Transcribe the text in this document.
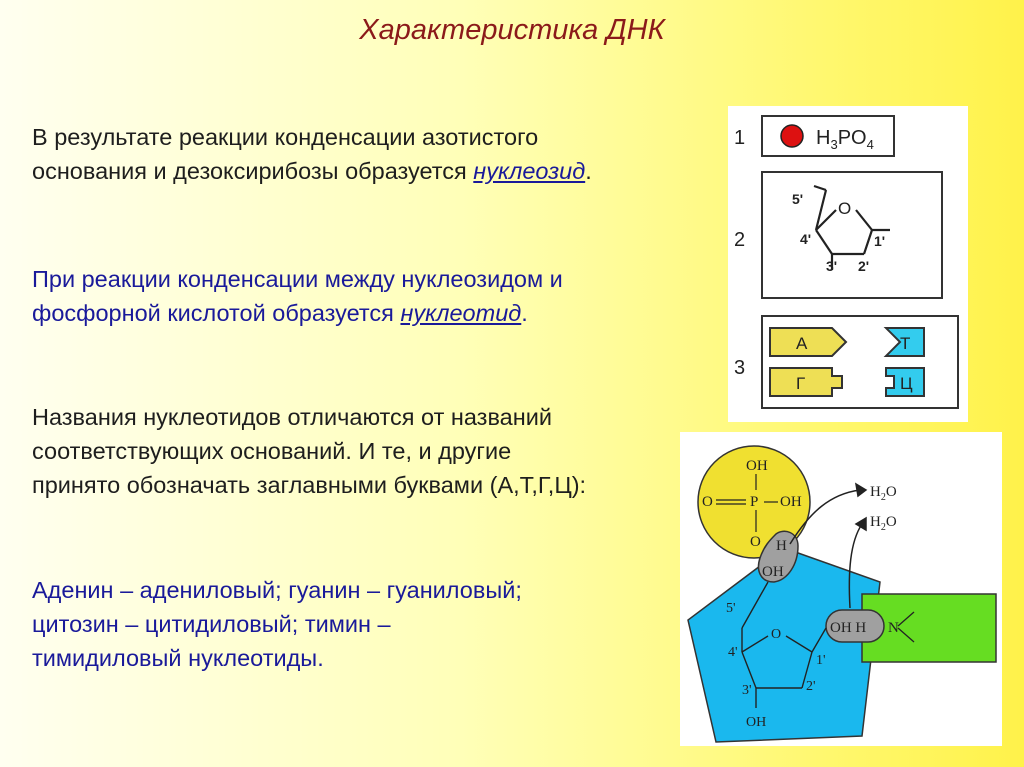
Характеристика ДНК

В результате реакции конденсации азотистого основания и дезоксирибозы образуется нуклеозид.

При реакции конденсации между нуклеозидом и фосфорной кислотой образуется нуклеотид.

Названия нуклеотидов отличаются от названий соответствующих оснований. И те, и другие принято обозначать заглавными буквами (А,Т,Г,Ц):

Аденин – адениловый; гуанин – гуаниловый; цитозин – цитидиловый; тимин – тимидиловый нуклеотиды.

1	$H_3PO_4$
2
5' O
4'	1'
3' 2'
3
А
Г
Т
Ц
OH
O P OH
O H
OH
$H_2O$
$H_2O$
5'
O
4'
1'
3'	2'
OH
OH H N
